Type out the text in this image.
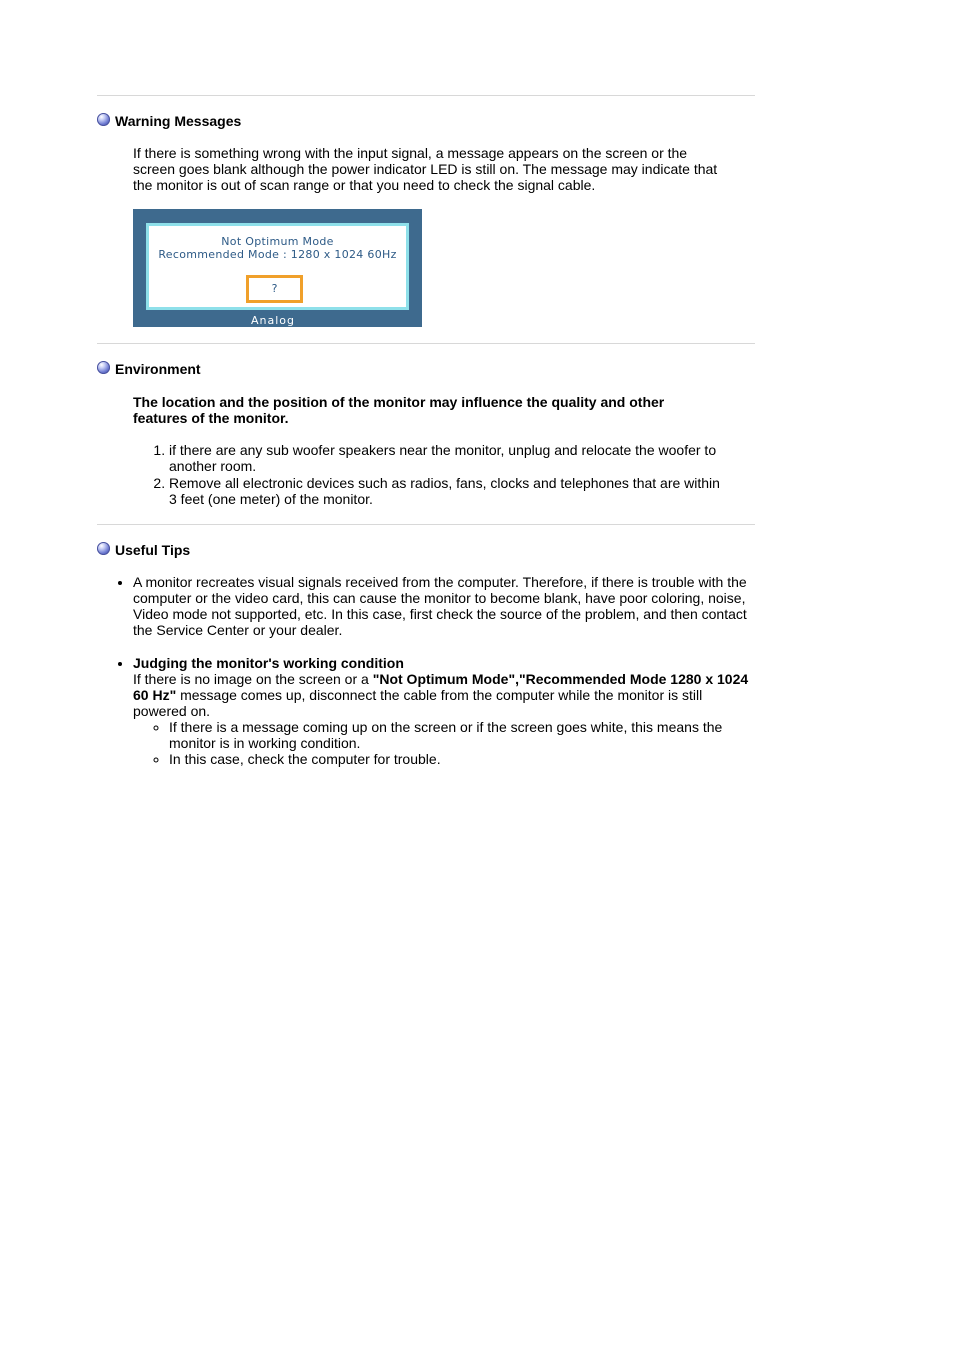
Warning Messages

If there is something wrong with the input signal, a message appears on the screen or the screen goes blank although the power indicator LED is still on. The message may indicate that the monitor is out of scan range or that you need to check the signal cable.

Not Optimum Mode
Recommended Mode : 1280 x 1024 60Hz
?
Analog
Environment

The location and the position of the monitor may influence the quality and other features of the monitor.

1. if there are any sub woofer speakers near the monitor, unplug and relocate the woofer to another room.
2. Remove all electronic devices such as radios, fans, clocks and telephones that are within 3 feet (one meter) of the monitor.
Useful Tips
• A monitor recreates visual signals received from the computer. Therefore, if there is trouble with the computer or the video card, this can cause the monitor to become blank, have poor coloring, noise, Video mode not supported, etc. In this case, first check the source of the problem, and then contact the Service Center or your dealer.
• Judging the monitor's working condition
If there is no image on the screen or a "Not Optimum Mode","Recommended Mode 1280 x 1024 60 Hz" message comes up, disconnect the cable from the computer while the monitor is still powered on.
◦ If there is a message coming up on the screen or if the screen goes white, this means the monitor is in working condition.
◦ In this case, check the computer for trouble.
